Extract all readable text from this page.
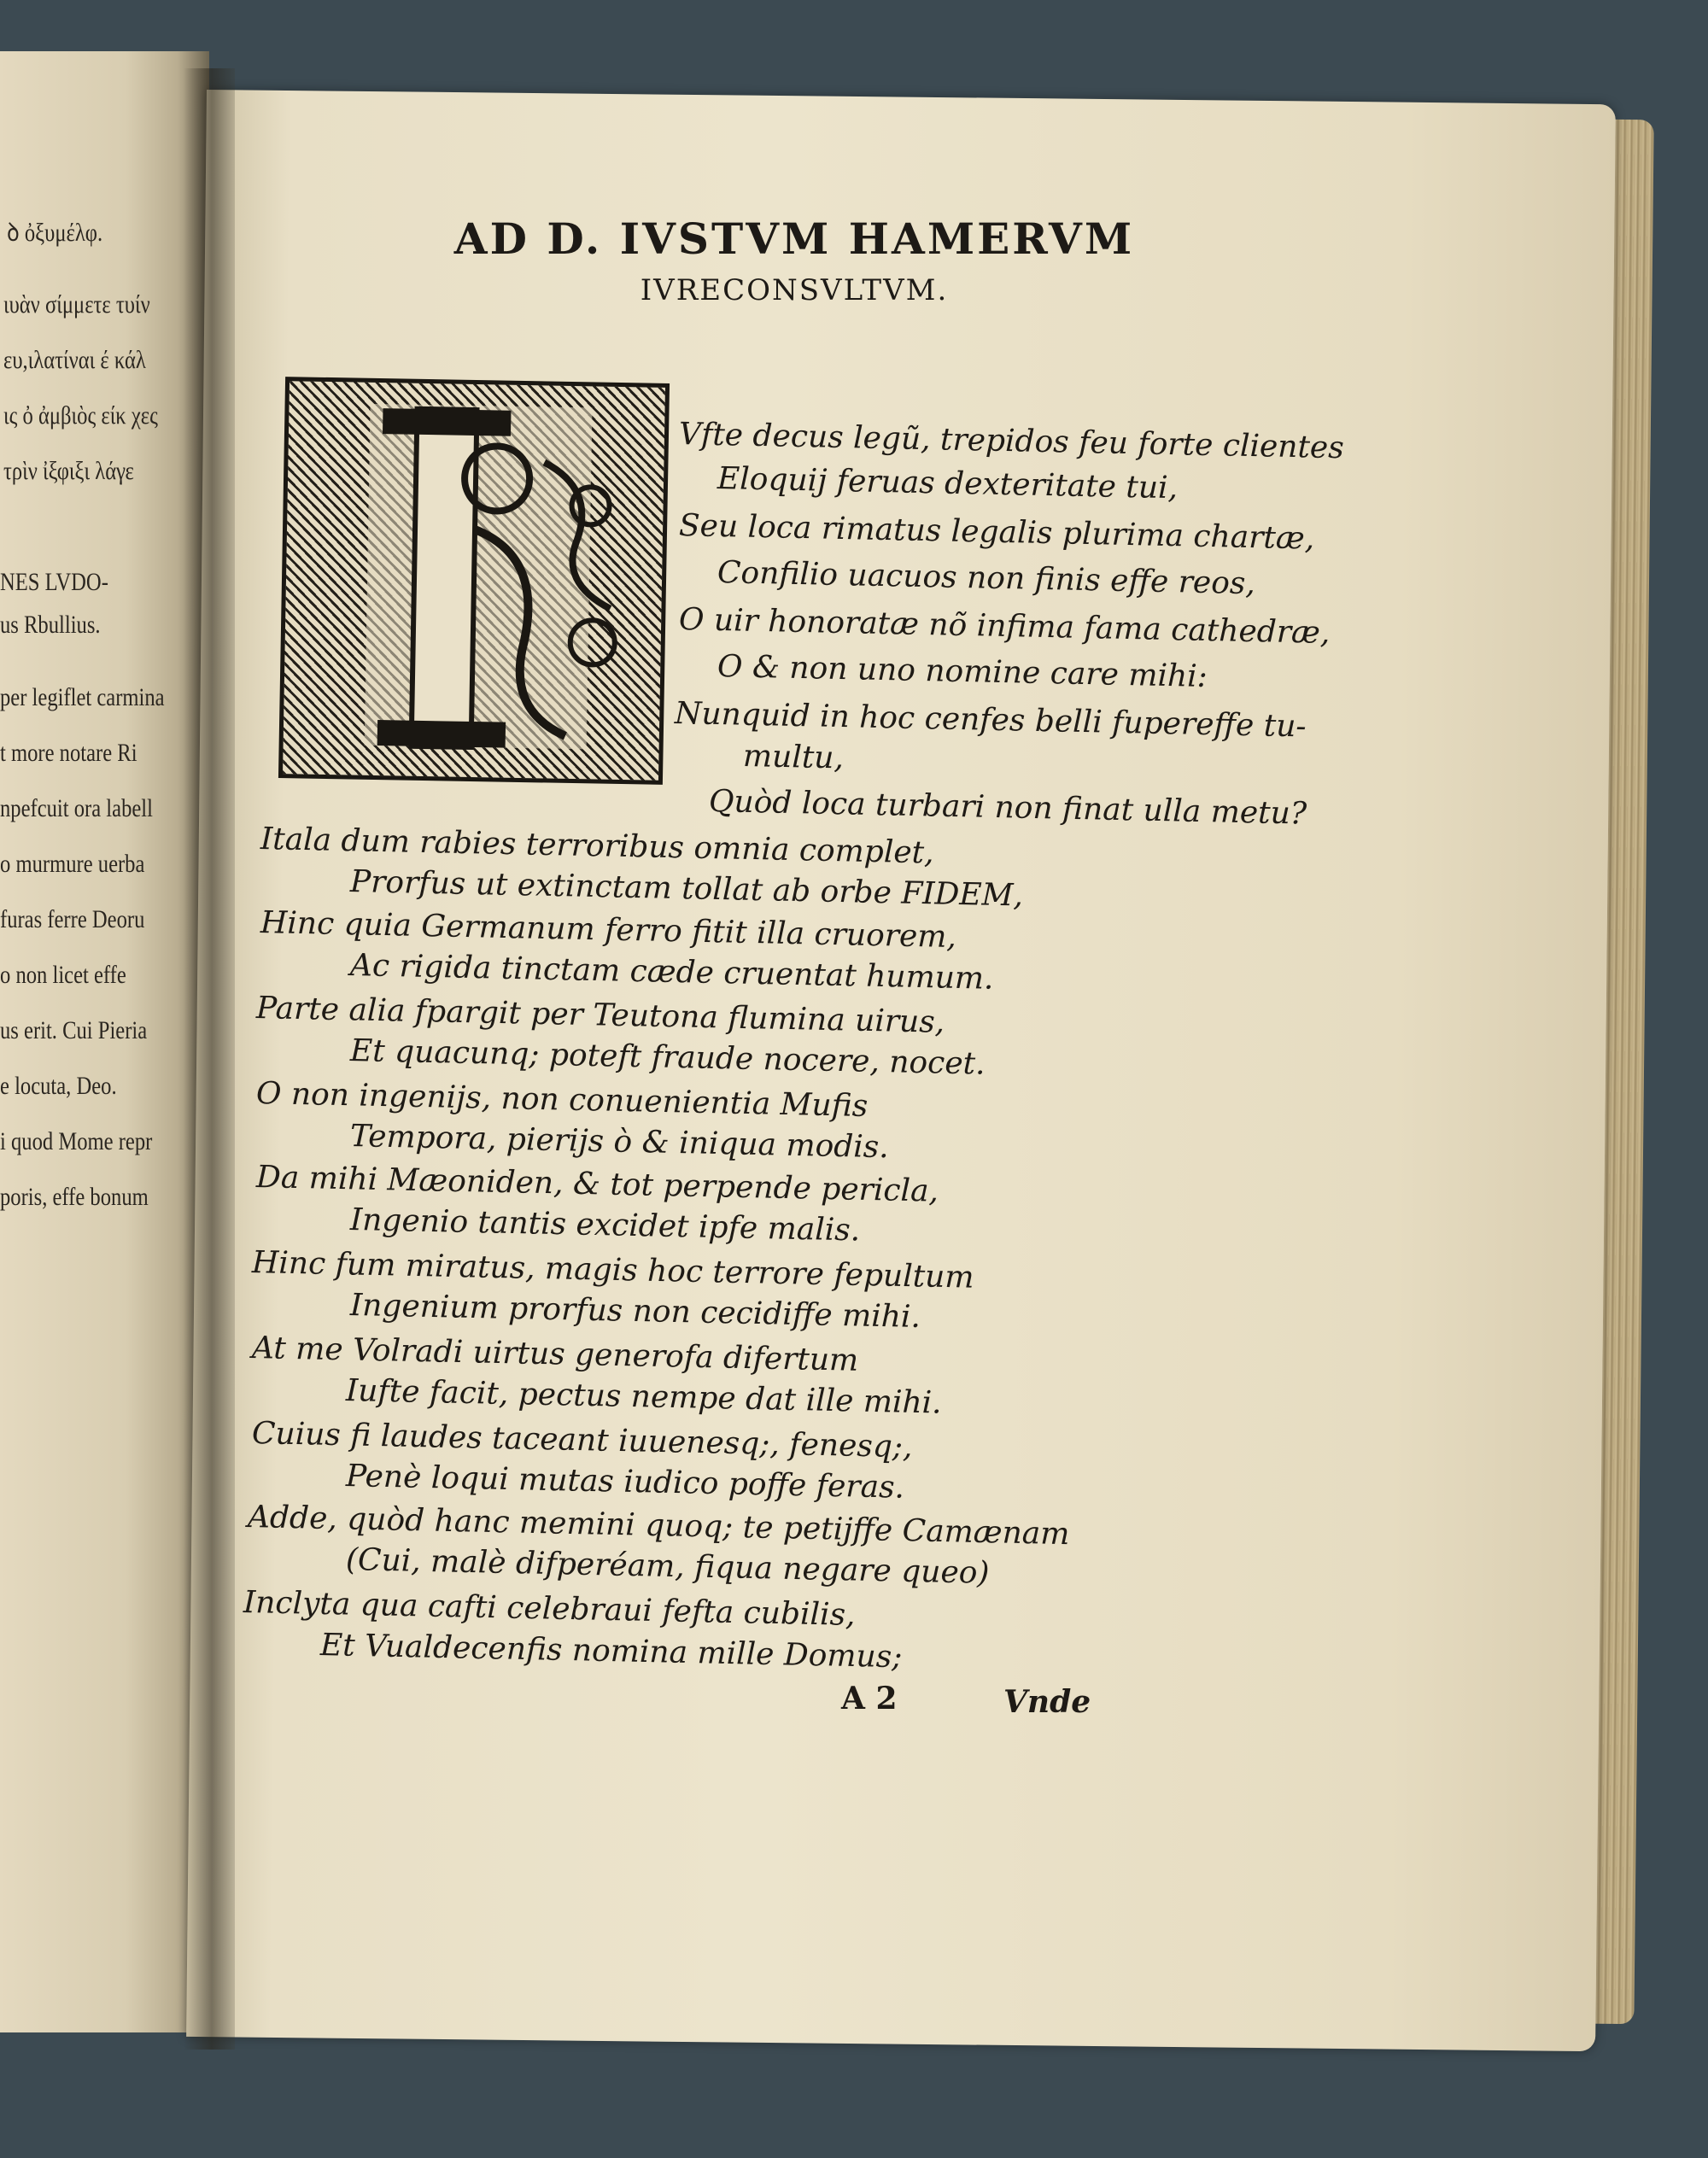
ꝺ ὀξυμέλφ.
ιυὰν σίμμετε τυίν
ευ,ιλατίναι έ κάλ
ις ὀ ἀμβιὸς είκ χες
τρὶν ἰξφιξι λάγε
NES LVDO-
us Rbullius.
per legiflet carmina
t more notare Ri
npefcuit ora labell
o murmure uerba
furas ferre Deoru
o non licet effe
us erit. Cui Pieria
e locuta, Deo.
i quod Mome repr
poris, effe bonum
AD D. IVSTVM HAMERVM
IVRECONSVLTVM.
Vfte decus legũ, trepidos feu forte clientes
Eloquij feruas dexteritate tui,
Seu loca rimatus legalis plurima chartæ,
Confilio uacuos non finis effe reos,
O uir honoratæ nõ infima fama cathedræ,
O & non uno nomine care mihi:
Nunquid in hoc cenfes belli fupereffe tu-
multu,
Quòd loca turbari non finat ulla metu?
Itala dum rabies terroribus omnia complet,
Prorfus ut extinctam tollat ab orbe FIDEM,
Hinc quia Germanum ferro fitit illa cruorem,
Ac rigida tinctam cæde cruentat humum.
Parte alia fpargit per Teutona flumina uirus,
Et quacunq; poteft fraude nocere, nocet.
O non ingenijs, non conuenientia Mufis
Tempora, pierijs ò & iniqua modis.
Da mihi Mæoniden, & tot perpende pericla,
Ingenio tantis excidet ipfe malis.
Hinc fum miratus, magis hoc terrore fepultum
Ingenium prorfus non cecidiffe mihi.
At me Volradi uirtus generofa difertum
Iufte facit, pectus nempe dat ille mihi.
Cuius fi laudes taceant iuuenesq;, fenesq;,
Penè loqui mutas iudico poffe feras.
Adde, quòd hanc memini quoq; te petijffe Camænam
(Cui, malè difperéam, fiqua negare queo)
Inclyta qua cafti celebraui fefta cubilis,
Et Vualdecenfis nomina mille Domus;
A 2	Vnde
